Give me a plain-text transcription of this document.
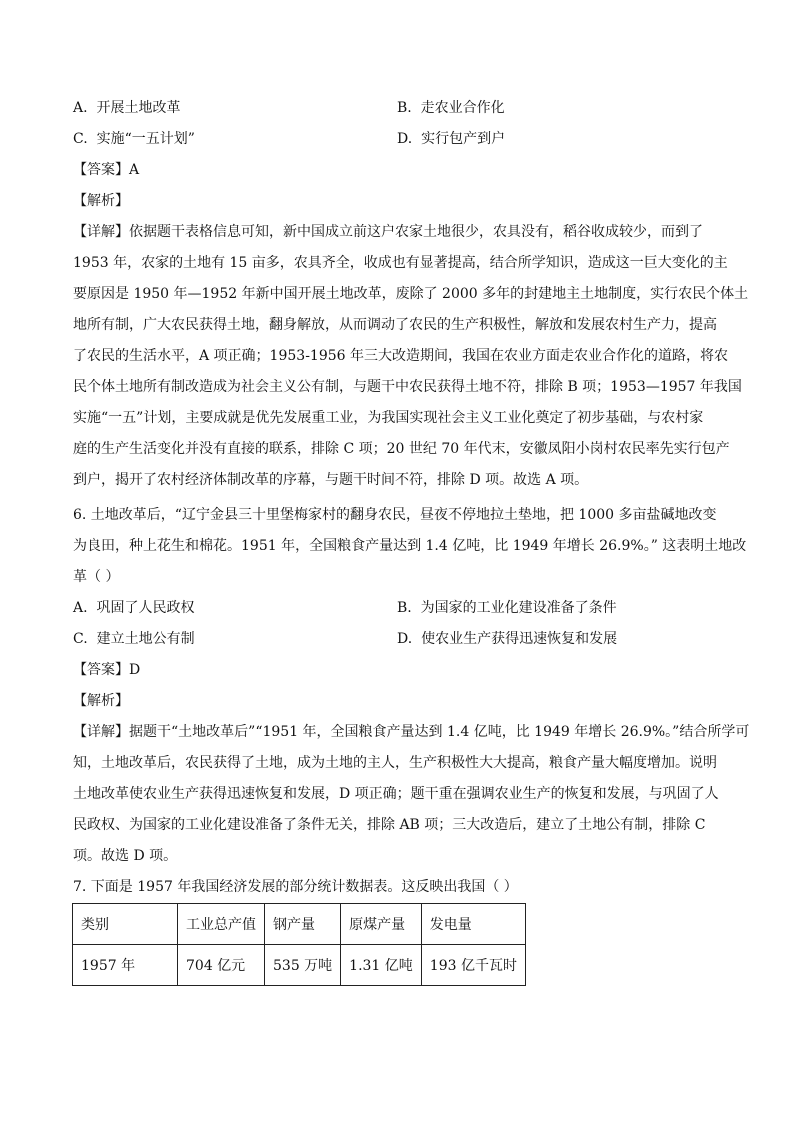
A. 开展土地改革	B. 走农业合作化
C. 实施“一五计划”	D. 实行包产到户
【答案】A
【解析】
【详解】依据题干表格信息可知，新中国成立前这户农家土地很少，农具没有，稻谷收成较少，而到了
1953 年，农家的土地有 15 亩多，农具齐全，收成也有显著提高，结合所学知识，造成这一巨大变化的主
要原因是 1950 年—1952 年新中国开展土地改革，废除了 2000 多年的封建地主土地制度，实行农民个体土
地所有制，广大农民获得土地，翻身解放，从而调动了农民的生产积极性，解放和发展农村生产力，提高
了农民的生活水平，A 项正确；1953-1956 年三大改造期间，我国在农业方面走农业合作化的道路，将农
民个体土地所有制改造成为社会主义公有制，与题干中农民获得土地不符，排除 B 项；1953—1957 年我国
实施“一五”计划，主要成就是优先发展重工业，为我国实现社会主义工业化奠定了初步基础，与农村家
庭的生产生活变化并没有直接的联系，排除 C 项；20 世纪 70 年代末，安徽凤阳小岗村农民率先实行包产
到户，揭开了农村经济体制改革的序幕，与题干时间不符，排除 D 项。故选 A 项。
6. 土地改革后，“辽宁金县三十里堡梅家村的翻身农民，昼夜不停地拉土垫地，把 1000 多亩盐碱地改变
为良田，种上花生和棉花。1951 年，全国粮食产量达到 1.4 亿吨，比 1949 年增长 26.9%。” 这表明土地改
革（ ）
A. 巩固了人民政权	B. 为国家的工业化建设准备了条件
C. 建立土地公有制	D. 使农业生产获得迅速恢复和发展
【答案】D
【解析】
【详解】据题干“土地改革后”“1951 年，全国粮食产量达到 1.4 亿吨，比 1949 年增长 26.9%。”结合所学可
知，土地改革后，农民获得了土地，成为土地的主人，生产积极性大大提高，粮食产量大幅度增加。说明
土地改革使农业生产获得迅速恢复和发展，D 项正确；题干重在强调农业生产的恢复和发展，与巩固了人
民政权、为国家的工业化建设准备了条件无关，排除 AB 项；三大改造后，建立了土地公有制，排除 C
项。故选 D 项。
7. 下面是 1957 年我国经济发展的部分统计数据表。这反映出我国（ ）
类别	工业总产值	钢产量	原煤产量	发电量
1957 年	704 亿元	535 万吨	1.31 亿吨	193 亿千瓦时
